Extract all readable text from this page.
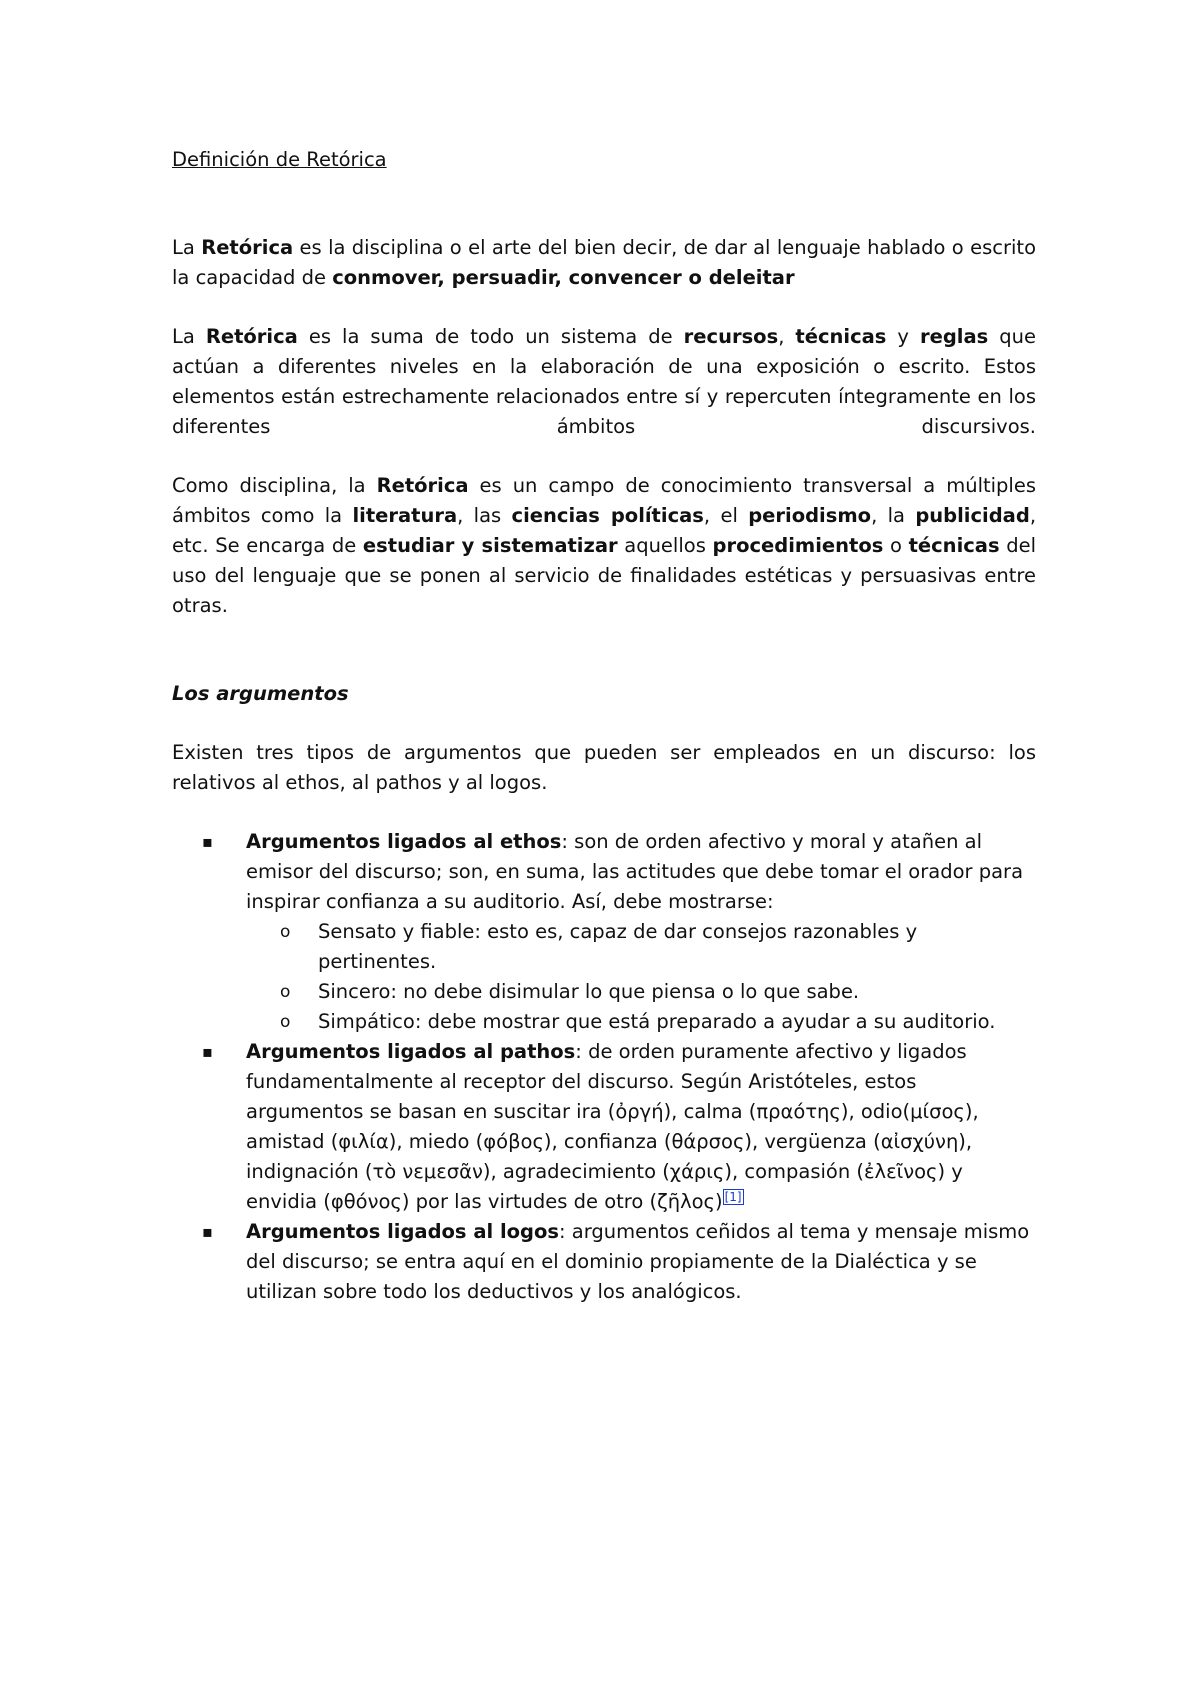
Definición de Retórica

La Retórica es la disciplina o el arte del bien decir, de dar al lenguaje hablado o escrito la capacidad de conmover, persuadir, convencer o deleitar

La Retórica es la suma de todo un sistema de recursos, técnicas y reglas que actúan a diferentes niveles en la elaboración de una exposición o escrito. Estos elementos están estrechamente relacionados entre sí y repercuten íntegramente en los diferentes ámbitos discursivos.

Como disciplina, la Retórica es un campo de conocimiento transversal a múltiples ámbitos como la literatura, las ciencias políticas, el periodismo, la publicidad, etc. Se encarga de estudiar y sistematizar aquellos procedimientos o técnicas del uso del lenguaje que se ponen al servicio de finalidades estéticas y persuasivas entre otras.

Los argumentos

Existen tres tipos de argumentos que pueden ser empleados en un discurso: los relativos al ethos, al pathos y al logos.

▪ Argumentos ligados al ethos: son de orden afectivo y moral y atañen al emisor del discurso; son, en suma, las actitudes que debe tomar el orador para inspirar confianza a su auditorio. Así, debe mostrarse:
o Sensato y fiable: esto es, capaz de dar consejos razonables y pertinentes.
o Sincero: no debe disimular lo que piensa o lo que sabe.
o Simpático: debe mostrar que está preparado a ayudar a su auditorio.
▪ Argumentos ligados al pathos: de orden puramente afectivo y ligados fundamentalmente al receptor del discurso. Según Aristóteles, estos argumentos se basan en suscitar ira (ὀργή), calma (πραότης), odio(μίσος), amistad (φιλία), miedo (φόβος), confianza (θάρσος), vergüenza (αἰσχύνη), indignación (τὸ νεμεσᾶν), agradecimiento (χάρις), compasión (ἐλεῖνος) y envidia (φθόνος) por las virtudes de otro (ζῆλος) [1]
▪ Argumentos ligados al logos: argumentos ceñidos al tema y mensaje mismo del discurso; se entra aquí en el dominio propiamente de la Dialéctica y se utilizan sobre todo los deductivos y los analógicos.
